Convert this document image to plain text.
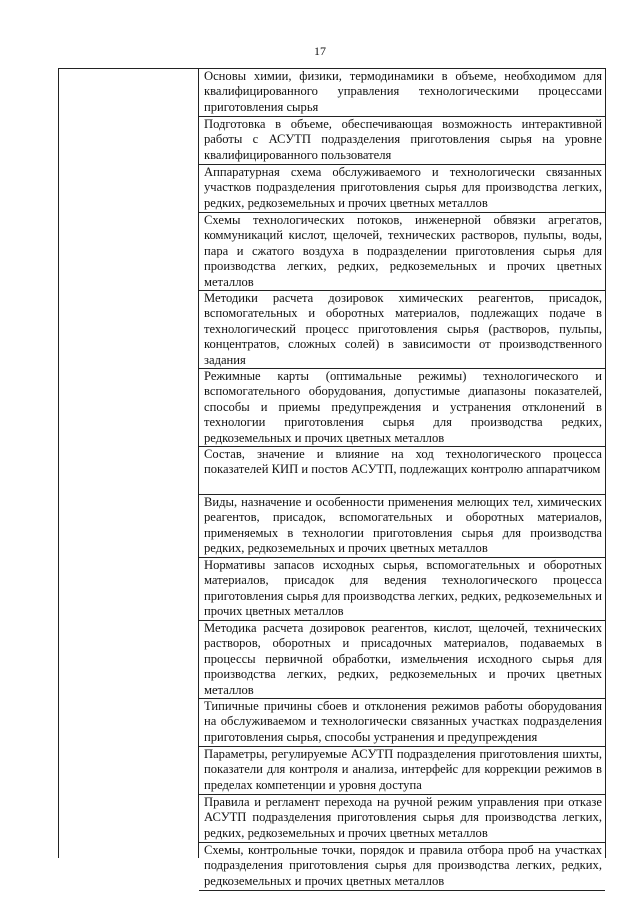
17
Основы химии, физики, термодинамики в объеме, необходимом для квалифицированного управления технологическими процессами приготовления сырья
Подготовка в объеме, обеспечивающая возможность интерактивной работы с АСУТП подразделения приготовления сырья на уровне квалифицированного пользователя
Аппаратурная схема обслуживаемого и технологически связанных участков подразделения приготовления сырья для производства легких, редких, редкоземельных и прочих цветных металлов
Схемы технологических потоков, инженерной обвязки агрегатов, коммуникаций кислот, щелочей, технических растворов, пульпы, воды, пара и сжатого воздуха в подразделении приготовления сырья для производства легких, редких, редкоземельных и прочих цветных металлов
Методики расчета дозировок химических реагентов, присадок, вспомогательных и оборотных материалов, подлежащих подаче в технологический процесс приготовления сырья (растворов, пульпы, концентратов, сложных солей) в зависимости от производственного задания
Режимные карты (оптимальные режимы) технологического и вспомогательного оборудования, допустимые диапазоны показателей, способы и приемы предупреждения и устранения отклонений в технологии приготовления сырья для производства редких, редкоземельных и прочих цветных металлов
Состав, значение и влияние на ход технологического процесса показателей КИП и постов АСУТП, подлежащих контролю аппаратчиком
Виды, назначение и особенности применения мелющих тел, химических реагентов, присадок, вспомогательных и оборотных материалов, применяемых в технологии приготовления сырья для производства редких, редкоземельных и прочих цветных металлов
Нормативы запасов исходных сырья, вспомогательных и оборотных материалов, присадок для ведения технологического процесса приготовления сырья для производства легких, редких, редкоземельных и прочих цветных металлов
Методика расчета дозировок реагентов, кислот, щелочей, технических растворов, оборотных и присадочных материалов, подаваемых в процессы первичной обработки, измельчения исходного сырья для производства легких, редких, редкоземельных и прочих цветных металлов
Типичные причины сбоев и отклонения режимов работы оборудования на обслуживаемом и технологически связанных участках подразделения приготовления сырья, способы устранения и предупреждения
Параметры, регулируемые АСУТП подразделения приготовления шихты, показатели для контроля и анализа, интерфейс для коррекции режимов в пределах компетенции и уровня доступа
Правила и регламент перехода на ручной режим управления при отказе АСУТП подразделения приготовления сырья для производства легких, редких, редкоземельных и прочих цветных металлов
Схемы, контрольные точки, порядок и правила отбора проб на участках подразделения приготовления сырья для производства легких, редких, редкоземельных и прочих цветных металлов
